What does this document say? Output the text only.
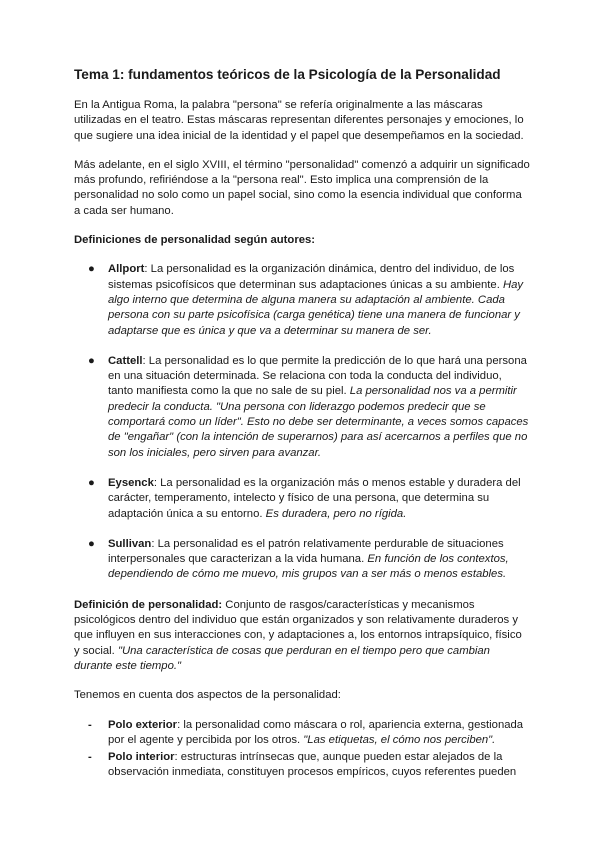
Tema 1: fundamentos teóricos de la Psicología de la Personalidad

En la Antigua Roma, la palabra "persona" se refería originalmente a las máscaras utilizadas en el teatro. Estas máscaras representan diferentes personajes y emociones, lo que sugiere una idea inicial de la identidad y el papel que desempeñamos en la sociedad.

Más adelante, en el siglo XVIII, el término "personalidad" comenzó a adquirir un significado más profundo, refiriéndose a la "persona real". Esto implica una comprensión de la personalidad no solo como un papel social, sino como la esencia individual que conforma a cada ser humano.

Definiciones de personalidad según autores:
● Allport: La personalidad es la organización dinámica, dentro del individuo, de los sistemas psicofísicos que determinan sus adaptaciones únicas a su ambiente. Hay algo interno que determina de alguna manera su adaptación al ambiente. Cada persona con su parte psicofísica (carga genética) tiene una manera de funcionar y adaptarse que es única y que va a determinar su manera de ser.
● Cattell: La personalidad es lo que permite la predicción de lo que hará una persona en una situación determinada. Se relaciona con toda la conducta del individuo, tanto manifiesta como la que no sale de su piel. La personalidad nos va a permitir predecir la conducta. "Una persona con liderazgo podemos predecir que se comportará como un líder". Esto no debe ser determinante, a veces somos capaces de "engañar" (con la intención de superarnos) para así acercarnos a perfiles que no son los iniciales, pero sirven para avanzar.
● Eysenck: La personalidad es la organización más o menos estable y duradera del carácter, temperamento, intelecto y físico de una persona, que determina su adaptación única a su entorno. Es duradera, pero no rígida.
● Sullivan: La personalidad es el patrón relativamente perdurable de situaciones interpersonales que caracterizan a la vida humana. En función de los contextos, dependiendo de cómo me muevo, mis grupos van a ser más o menos estables.

Definición de personalidad: Conjunto de rasgos/características y mecanismos psicológicos dentro del individuo que están organizados y son relativamente duraderos y que influyen en sus interacciones con, y adaptaciones a, los entornos intrapsíquico, físico y social. "Una característica de cosas que perduran en el tiempo pero que cambian durante este tiempo."

Tenemos en cuenta dos aspectos de la personalidad:

- Polo exterior: la personalidad como máscara o rol, apariencia externa, gestionada por el agente y percibida por los otros. "Las etiquetas, el cómo nos perciben".
- Polo interior: estructuras intrínsecas que, aunque pueden estar alejados de la observación inmediata, constituyen procesos empíricos, cuyos referentes pueden
